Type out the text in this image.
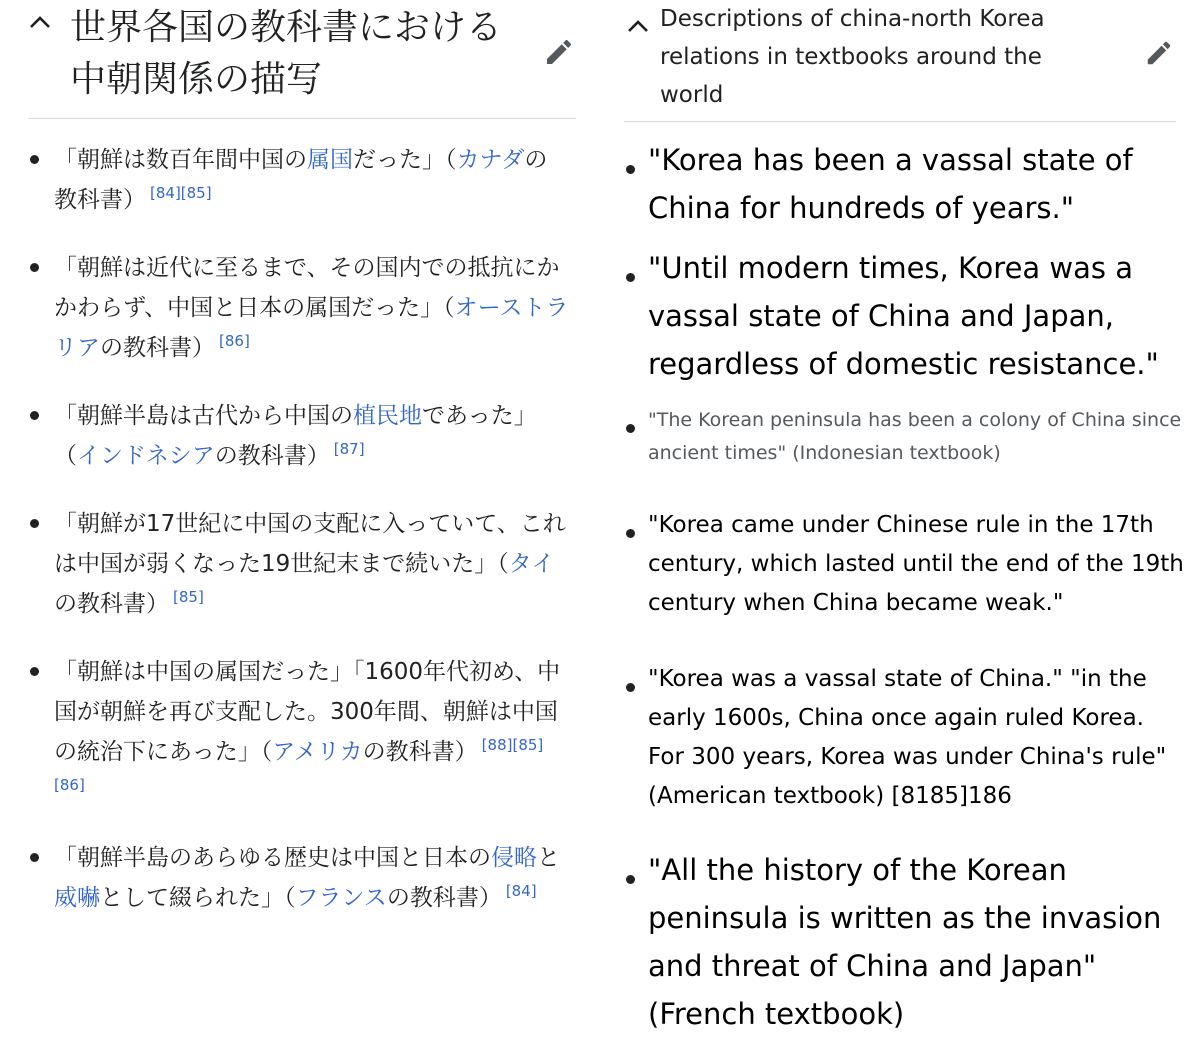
世界各国の教科書における中朝関係の描写
「朝鮮は数百年間中国の属国だった」（カナダの教科書） [84][85]
「朝鮮は近代に至るまで、その国内での抵抗にかかわらず、中国と日本の属国だった」（オーストラリアの教科書） [86]
「朝鮮半島は古代から中国の植民地であった」（インドネシアの教科書） [87]
「朝鮮が17世紀に中国の支配に入っていて、これは中国が弱くなった19世紀末まで続いた」（タイの教科書） [85]
「朝鮮は中国の属国だった」「1600年代初め、中国が朝鮮を再び支配した。300年間、朝鮮は中国の統治下にあった」（アメリカの教科書） [88][85][86]
「朝鮮半島のあらゆる歴史は中国と日本の侵略と威嚇として綴られた」（フランスの教科書） [84]
Descriptions of china-north Korea relations in textbooks around the world
"Korea has been a vassal state of China for hundreds of years."
"Until modern times, Korea was a vassal state of China and Japan, regardless of domestic resistance."
"The Korean peninsula has been a colony of China since ancient times" (Indonesian textbook)
"Korea came under Chinese rule in the 17th century, which lasted until the end of the 19th century when China became weak."
"Korea was a vassal state of China." "in the early 1600s, China once again ruled Korea. For 300 years, Korea was under China's rule" (American textbook) [8185]186
"All the history of the Korean peninsula is written as the invasion and threat of China and Japan" (French textbook)
